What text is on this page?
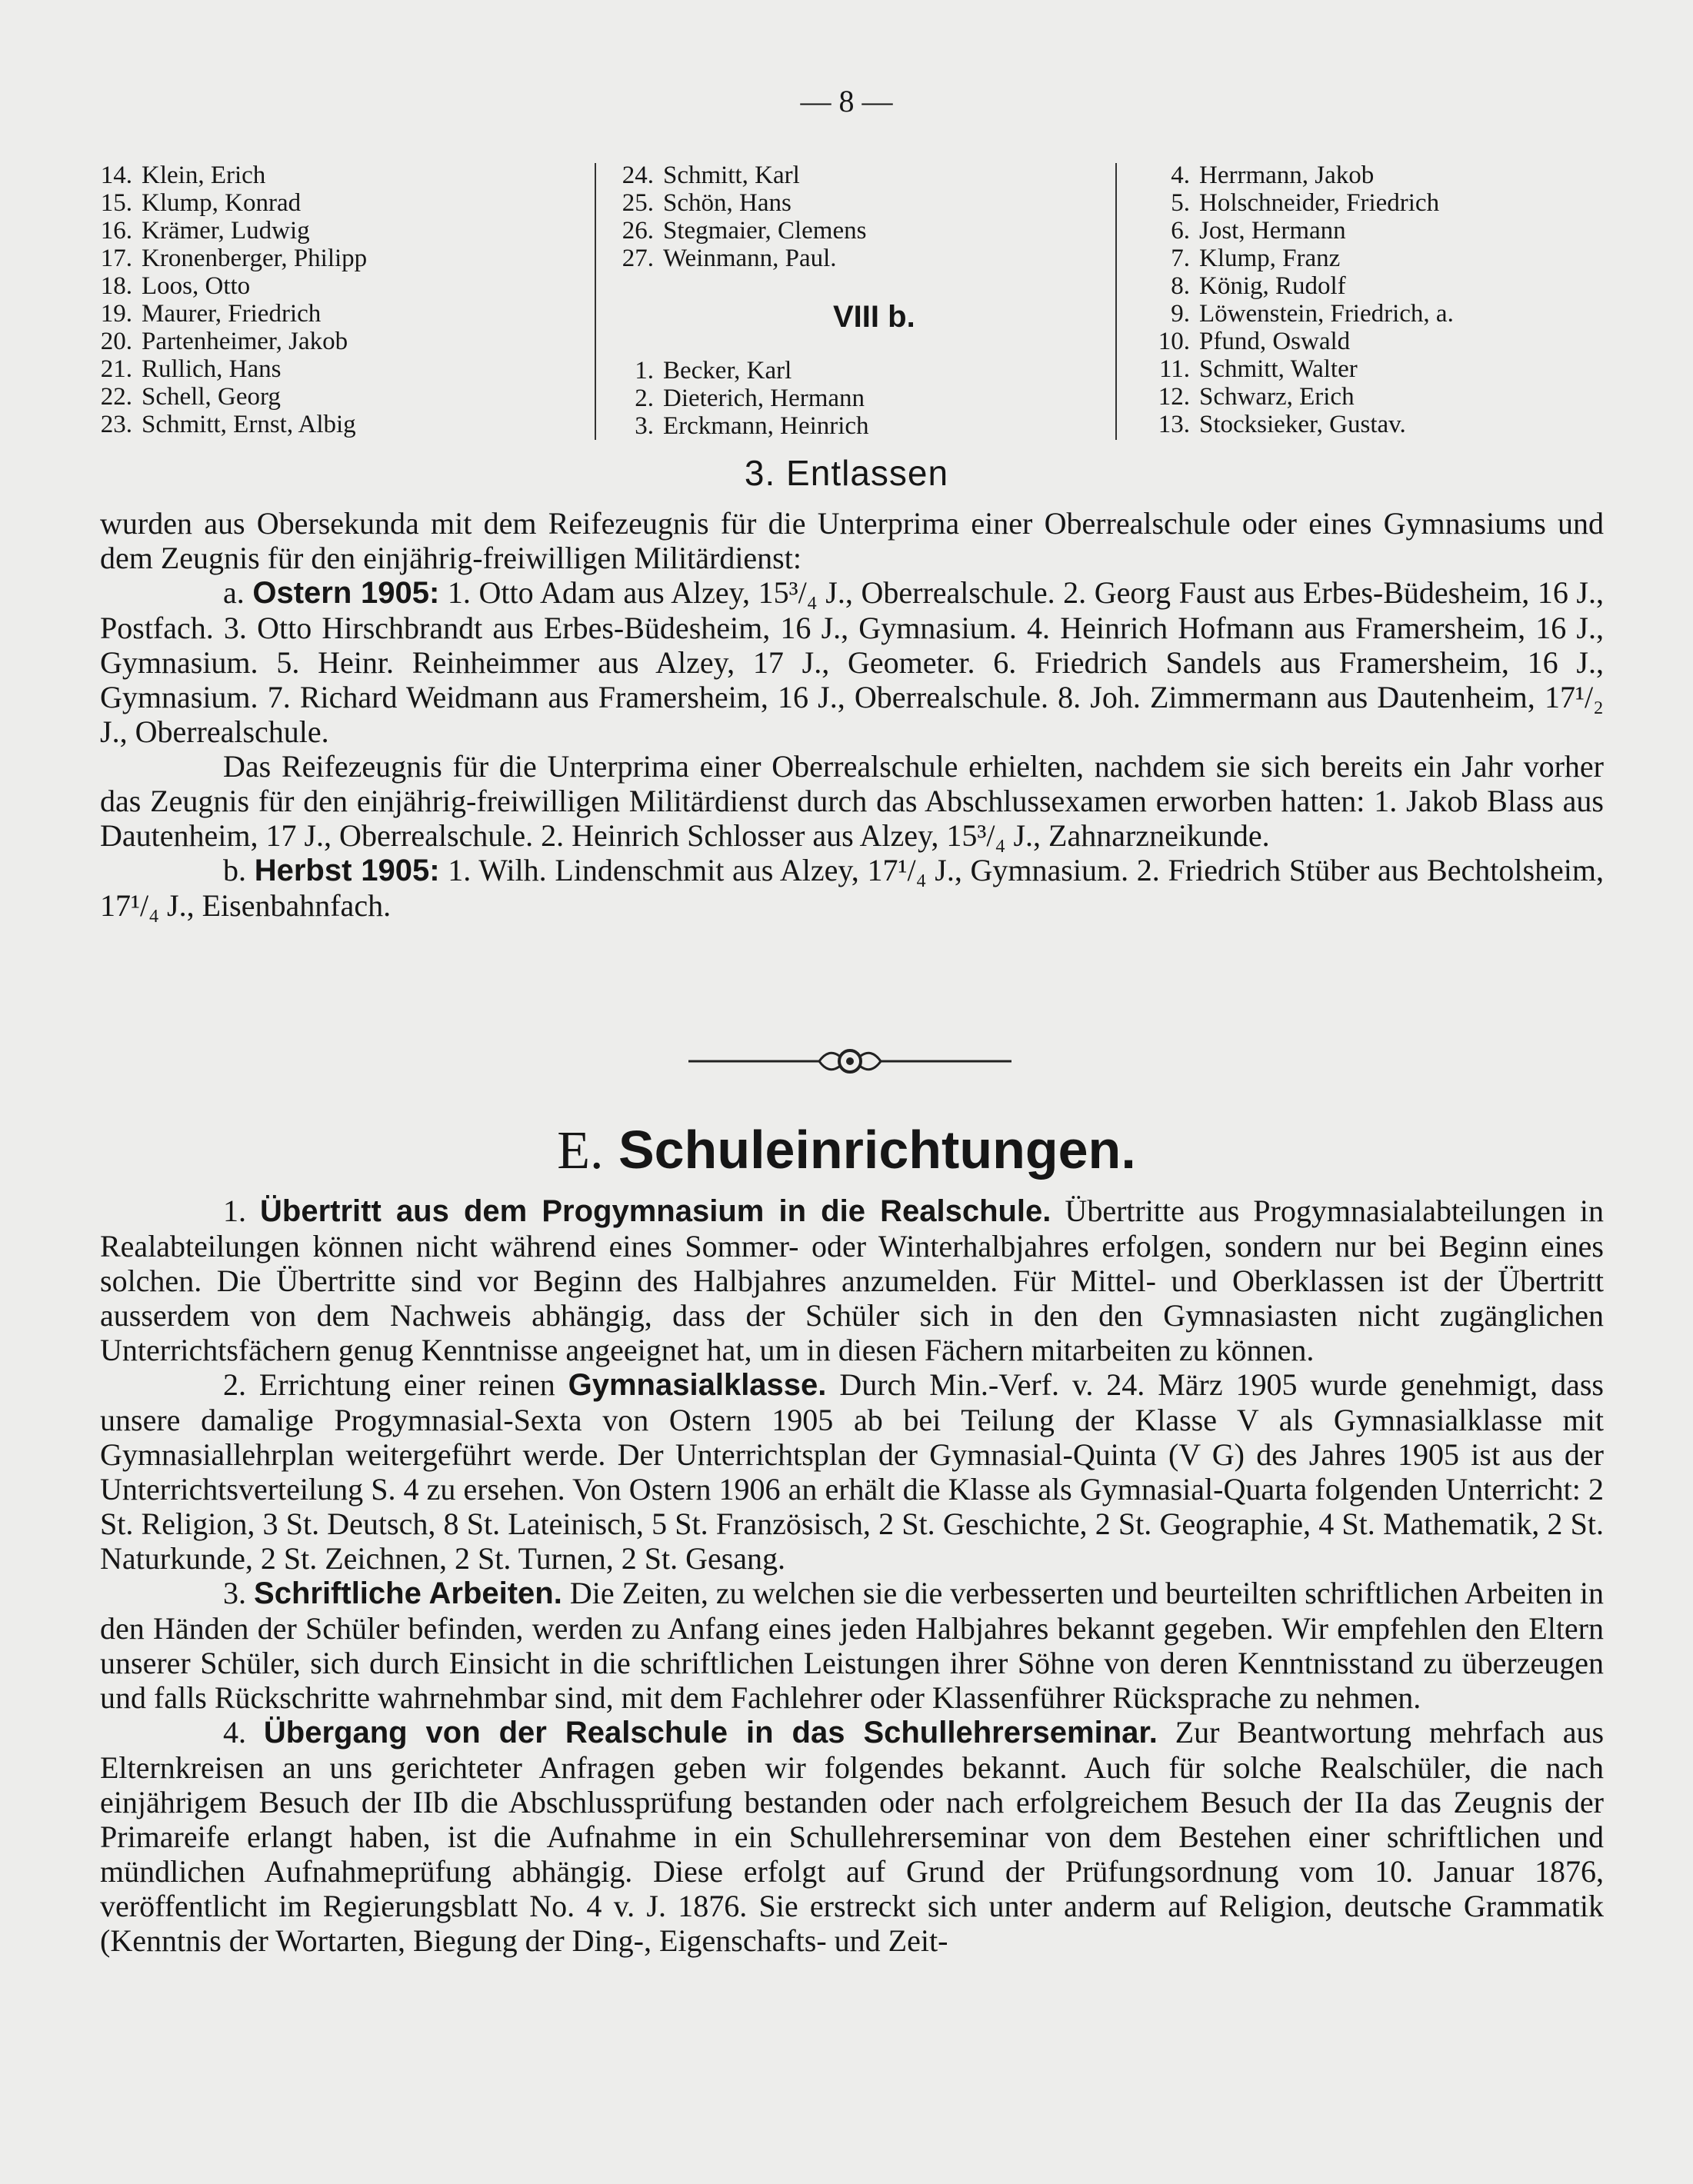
— 8 —
14. Klein, Erich
15. Klump, Konrad
16. Krämer, Ludwig
17. Kronenberger, Philipp
18. Loos, Otto
19. Maurer, Friedrich
20. Partenheimer, Jakob
21. Rullich, Hans
22. Schell, Georg
23. Schmitt, Ernst, Albig
24. Schmitt, Karl
25. Schön, Hans
26. Stegmaier, Clemens
27. Weinmann, Paul.
VIII b.
1. Becker, Karl
2. Dieterich, Hermann
3. Erckmann, Heinrich
4. Herrmann, Jakob
5. Holschneider, Friedrich
6. Jost, Hermann
7. Klump, Franz
8. König, Rudolf
9. Löwenstein, Friedrich, a.
10. Pfund, Oswald
11. Schmitt, Walter
12. Schwarz, Erich
13. Stocksieker, Gustav.
3. Entlassen

wurden aus Obersekunda mit dem Reifezeugnis für die Unterprima einer Oberrealschule oder eines Gymnasiums und dem Zeugnis für den einjährig-freiwilligen Militärdienst:

a. Ostern 1905: 1. Otto Adam aus Alzey, 15³/₄ J., Oberrealschule. 2. Georg Faust aus Erbes-Büdesheim, 16 J., Postfach. 3. Otto Hirschbrandt aus Erbes-Büdesheim, 16 J., Gymnasium. 4. Heinrich Hofmann aus Framersheim, 16 J., Gymnasium. 5. Heinr. Reinheimmer aus Alzey, 17 J., Geometer. 6. Friedrich Sandels aus Framersheim, 16 J., Gymnasium. 7. Richard Weidmann aus Framersheim, 16 J., Oberrealschule. 8. Joh. Zimmermann aus Dautenheim, 17¹/₂ J., Oberrealschule.

Das Reifezeugnis für die Unterprima einer Oberrealschule erhielten, nachdem sie sich bereits ein Jahr vorher das Zeugnis für den einjährig-freiwilligen Militärdienst durch das Abschlussexamen erworben hatten: 1. Jakob Blass aus Dautenheim, 17 J., Oberrealschule. 2. Heinrich Schlosser aus Alzey, 15³/₄ J., Zahnarzneikunde.

b. Herbst 1905: 1. Wilh. Lindenschmit aus Alzey, 17¹/₄ J., Gymnasium. 2. Friedrich Stüber aus Bechtolsheim, 17¹/₄ J., Eisenbahnfach.

E. Schuleinrichtungen.

1. Übertritt aus dem Progymnasium in die Realschule. Übertritte aus Progymnasialabteilungen in Realabteilungen können nicht während eines Sommer- oder Winterhalbjahres erfolgen, sondern nur bei Beginn eines solchen. Die Übertritte sind vor Beginn des Halbjahres anzumelden. Für Mittel- und Oberklassen ist der Übertritt ausserdem von dem Nachweis abhängig, dass der Schüler sich in den den Gymnasiasten nicht zugänglichen Unterrichtsfächern genug Kenntnisse angeeignet hat, um in diesen Fächern mitarbeiten zu können.

2. Errichtung einer reinen Gymnasialklasse. Durch Min.-Verf. v. 24. März 1905 wurde genehmigt, dass unsere damalige Progymnasial-Sexta von Ostern 1905 ab bei Teilung der Klasse V als Gymnasialklasse mit Gymnasiallehrplan weitergeführt werde. Der Unterrichtsplan der Gymnasial-Quinta (V G) des Jahres 1905 ist aus der Unterrichtsverteilung S. 4 zu ersehen. Von Ostern 1906 an erhält die Klasse als Gymnasial-Quarta folgenden Unterricht: 2 St. Religion, 3 St. Deutsch, 8 St. Lateinisch, 5 St. Französisch, 2 St. Geschichte, 2 St. Geographie, 4 St. Mathematik, 2 St. Naturkunde, 2 St. Zeichnen, 2 St. Turnen, 2 St. Gesang.

3. Schriftliche Arbeiten. Die Zeiten, zu welchen sie die verbesserten und beurteilten schriftlichen Arbeiten in den Händen der Schüler befinden, werden zu Anfang eines jeden Halbjahres bekannt gegeben. Wir empfehlen den Eltern unserer Schüler, sich durch Einsicht in die schriftlichen Leistungen ihrer Söhne von deren Kenntnisstand zu überzeugen und falls Rückschritte wahrnehmbar sind, mit dem Fachlehrer oder Klassenführer Rücksprache zu nehmen.

4. Übergang von der Realschule in das Schullehrerseminar. Zur Beantwortung mehrfach aus Elternkreisen an uns gerichteter Anfragen geben wir folgendes bekannt. Auch für solche Realschüler, die nach einjährigem Besuch der IIb die Abschlussprüfung bestanden oder nach erfolgreichem Besuch der IIa das Zeugnis der Primareife erlangt haben, ist die Aufnahme in ein Schullehrerseminar von dem Bestehen einer schriftlichen und mündlichen Aufnahmeprüfung abhängig. Diese erfolgt auf Grund der Prüfungsordnung vom 10. Januar 1876, veröffentlicht im Regierungsblatt No. 4 v. J. 1876. Sie erstreckt sich unter anderm auf Religion, deutsche Grammatik (Kenntnis der Wortarten, Biegung der Ding-, Eigenschafts- und Zeit-
